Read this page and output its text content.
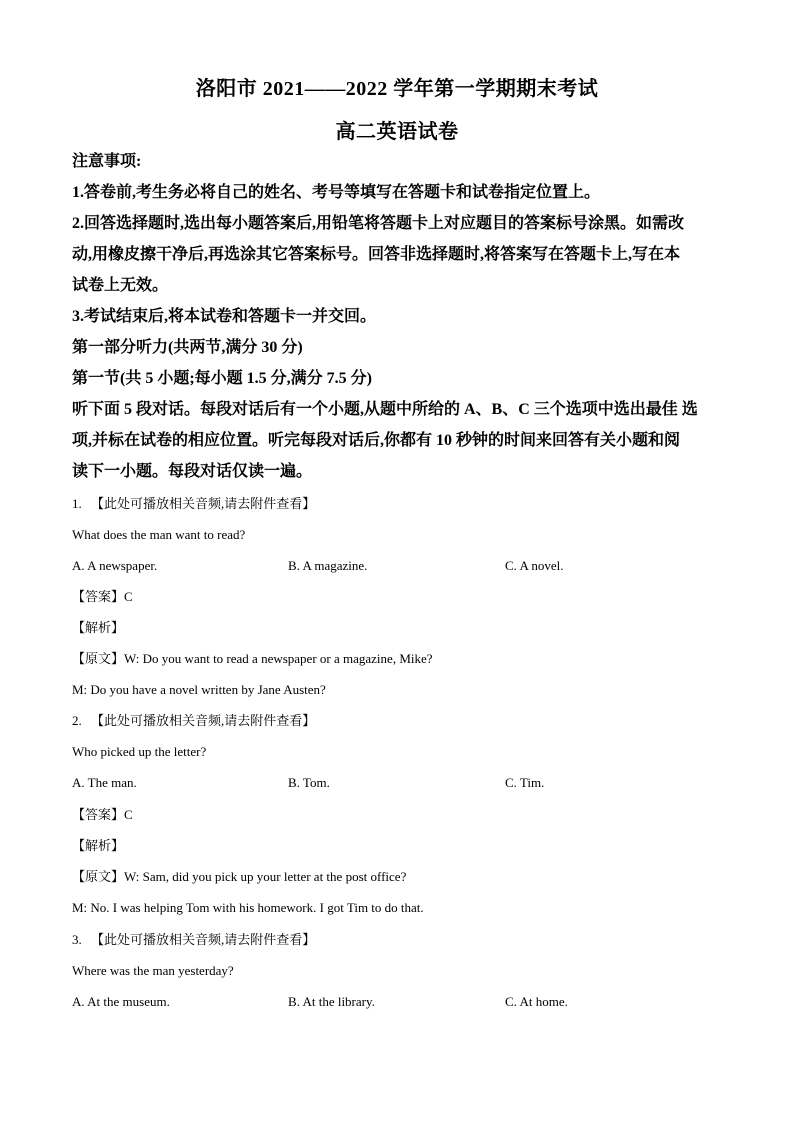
洛阳市 2021——2022 学年第一学期期末考试
高二英语试卷
注意事项:
1.答卷前,考生务必将自己的姓名、考号等填写在答题卡和试卷指定位置上。
2.回答选择题时,选出每小题答案后,用铅笔将答题卡上对应题目的答案标号涂黑。如需改
动,用橡皮擦干净后,再选涂其它答案标号。回答非选择题时,将答案写在答题卡上,写在本
试卷上无效。
3.考试结束后,将本试卷和答题卡一并交回。
第一部分听力(共两节,满分 30 分)
第一节(共 5 小题;每小题 1.5 分,满分 7.5 分)
听下面 5 段对话。每段对话后有一个小题,从题中所给的 A、B、C 三个选项中选出最佳 选
项,并标在试卷的相应位置。听完每段对话后,你都有 10 秒钟的时间来回答有关小题和阅
读下一小题。每段对话仅读一遍。
1. 【此处可播放相关音频,请去附件查看】
What does the man want to read?
A. A newspaper.	B. A magazine.	C. A novel.
【答案】C
【解析】
【原文】W: Do you want to read a newspaper or a magazine, Mike?
M: Do you have a novel written by Jane Austen?
2. 【此处可播放相关音频,请去附件查看】
Who picked up the letter?
A. The man.	B. Tom.	C. Tim.
【答案】C
【解析】
【原文】W: Sam, did you pick up your letter at the post office?
M: No. I was helping Tom with his homework. I got Tim to do that.
3. 【此处可播放相关音频,请去附件查看】
Where was the man yesterday?
A. At the museum.	B. At the library.	C. At home.
